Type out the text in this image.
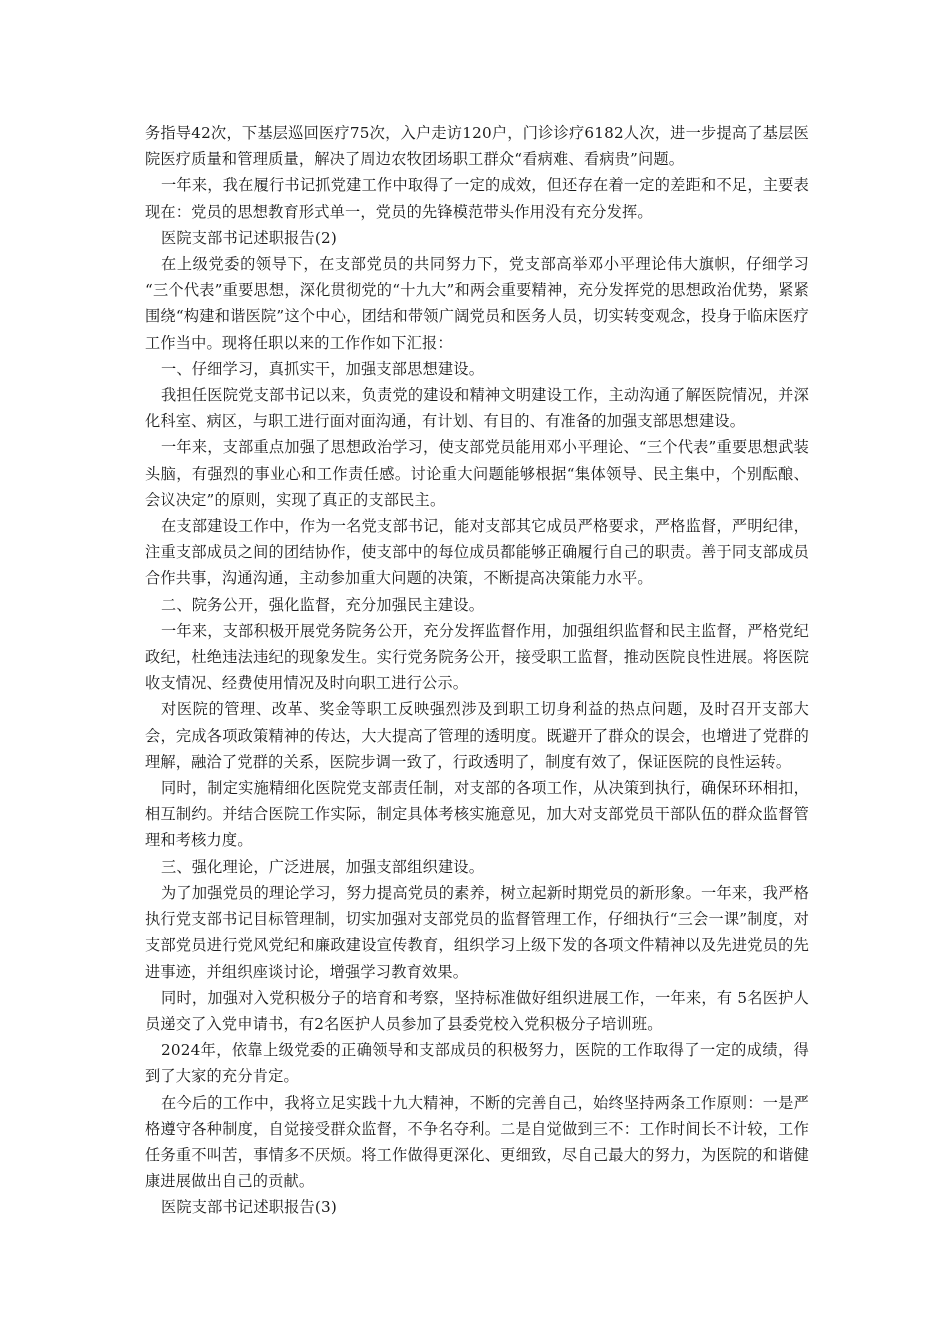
务指导42次，下基层巡回医疗75次，入户走访120户，门诊诊疗6182人次，进一步提高了基层医院医疗质量和管理质量，解决了周边农牧团场职工群众“看病难、看病贵”问题。

一年来，我在履行书记抓党建工作中取得了一定的成效，但还存在着一定的差距和不足，主要表现在：党员的思想教育形式单一，党员的先锋模范带头作用没有充分发挥。

医院支部书记述职报告(2)

在上级党委的领导下，在支部党员的共同努力下，党支部高举邓小平理论伟大旗帜，仔细学习 “三个代表”重要思想，深化贯彻党的“十九大”和两会重要精神，充分发挥党的思想政治优势，紧紧围绕“构建和谐医院”这个中心，团结和带领广阔党员和医务人员，切实转变观念，投身于临床医疗工作当中。现将任职以来的工作作如下汇报：

一、仔细学习，真抓实干，加强支部思想建设。

我担任医院党支部书记以来，负责党的建设和精神文明建设工作，主动沟通了解医院情况，并深化科室、病区，与职工进行面对面沟通，有计划、有目的、有准备的加强支部思想建设。

一年来，支部重点加强了思想政治学习，使支部党员能用邓小平理论、“三个代表”重要思想武装头脑，有强烈的事业心和工作责任感。讨论重大问题能够根据“集体领导、民主集中，个别酝酿、会议决定”的原则，实现了真正的支部民主。

在支部建设工作中，作为一名党支部书记，能对支部其它成员严格要求，严格监督，严明纪律，注重支部成员之间的团结协作，使支部中的每位成员都能够正确履行自己的职责。善于同支部成员合作共事，沟通沟通，主动参加重大问题的决策，不断提高决策能力水平。

二、院务公开，强化监督，充分加强民主建设。

一年来，支部积极开展党务院务公开，充分发挥监督作用，加强组织监督和民主监督，严格党纪政纪，杜绝违法违纪的现象发生。实行党务院务公开，接受职工监督，推动医院良性进展。将医院收支情况、经费使用情况及时向职工进行公示。

对医院的管理、改革、奖金等职工反映强烈涉及到职工切身利益的热点问题，及时召开支部大会，完成各项政策精神的传达，大大提高了管理的透明度。既避开了群众的误会，也增进了党群的理解，融洽了党群的关系，医院步调一致了，行政透明了，制度有效了，保证医院的良性运转。

同时，制定实施精细化医院党支部责任制，对支部的各项工作，从决策到执行，确保环环相扣，相互制约。并结合医院工作实际，制定具体考核实施意见，加大对支部党员干部队伍的群众监督管理和考核力度。

三、强化理论，广泛进展，加强支部组织建设。

为了加强党员的理论学习，努力提高党员的素养，树立起新时期党员的新形象。一年来，我严格执行党支部书记目标管理制，切实加强对支部党员的监督管理工作，仔细执行“三会一课”制度，对支部党员进行党风党纪和廉政建设宣传教育，组织学习上级下发的各项文件精神以及先进党员的先进事迹，并组织座谈讨论，增强学习教育效果。

同时，加强对入党积极分子的培育和考察，坚持标准做好组织进展工作，一年来，有 5名医护人员递交了入党申请书，有2名医护人员参加了县委党校入党积极分子培训班。

2024年，依靠上级党委的正确领导和支部成员的积极努力，医院的工作取得了一定的成绩，得到了大家的充分肯定。

在今后的工作中，我将立足实践十九大精神，不断的完善自己，始终坚持两条工作原则：一是严格遵守各种制度，自觉接受群众监督，不争名夺利。二是自觉做到三不：工作时间长不计较，工作任务重不叫苦，事情多不厌烦。将工作做得更深化、更细致，尽自己最大的努力，为医院的和谐健康进展做出自己的贡献。

医院支部书记述职报告(3)
